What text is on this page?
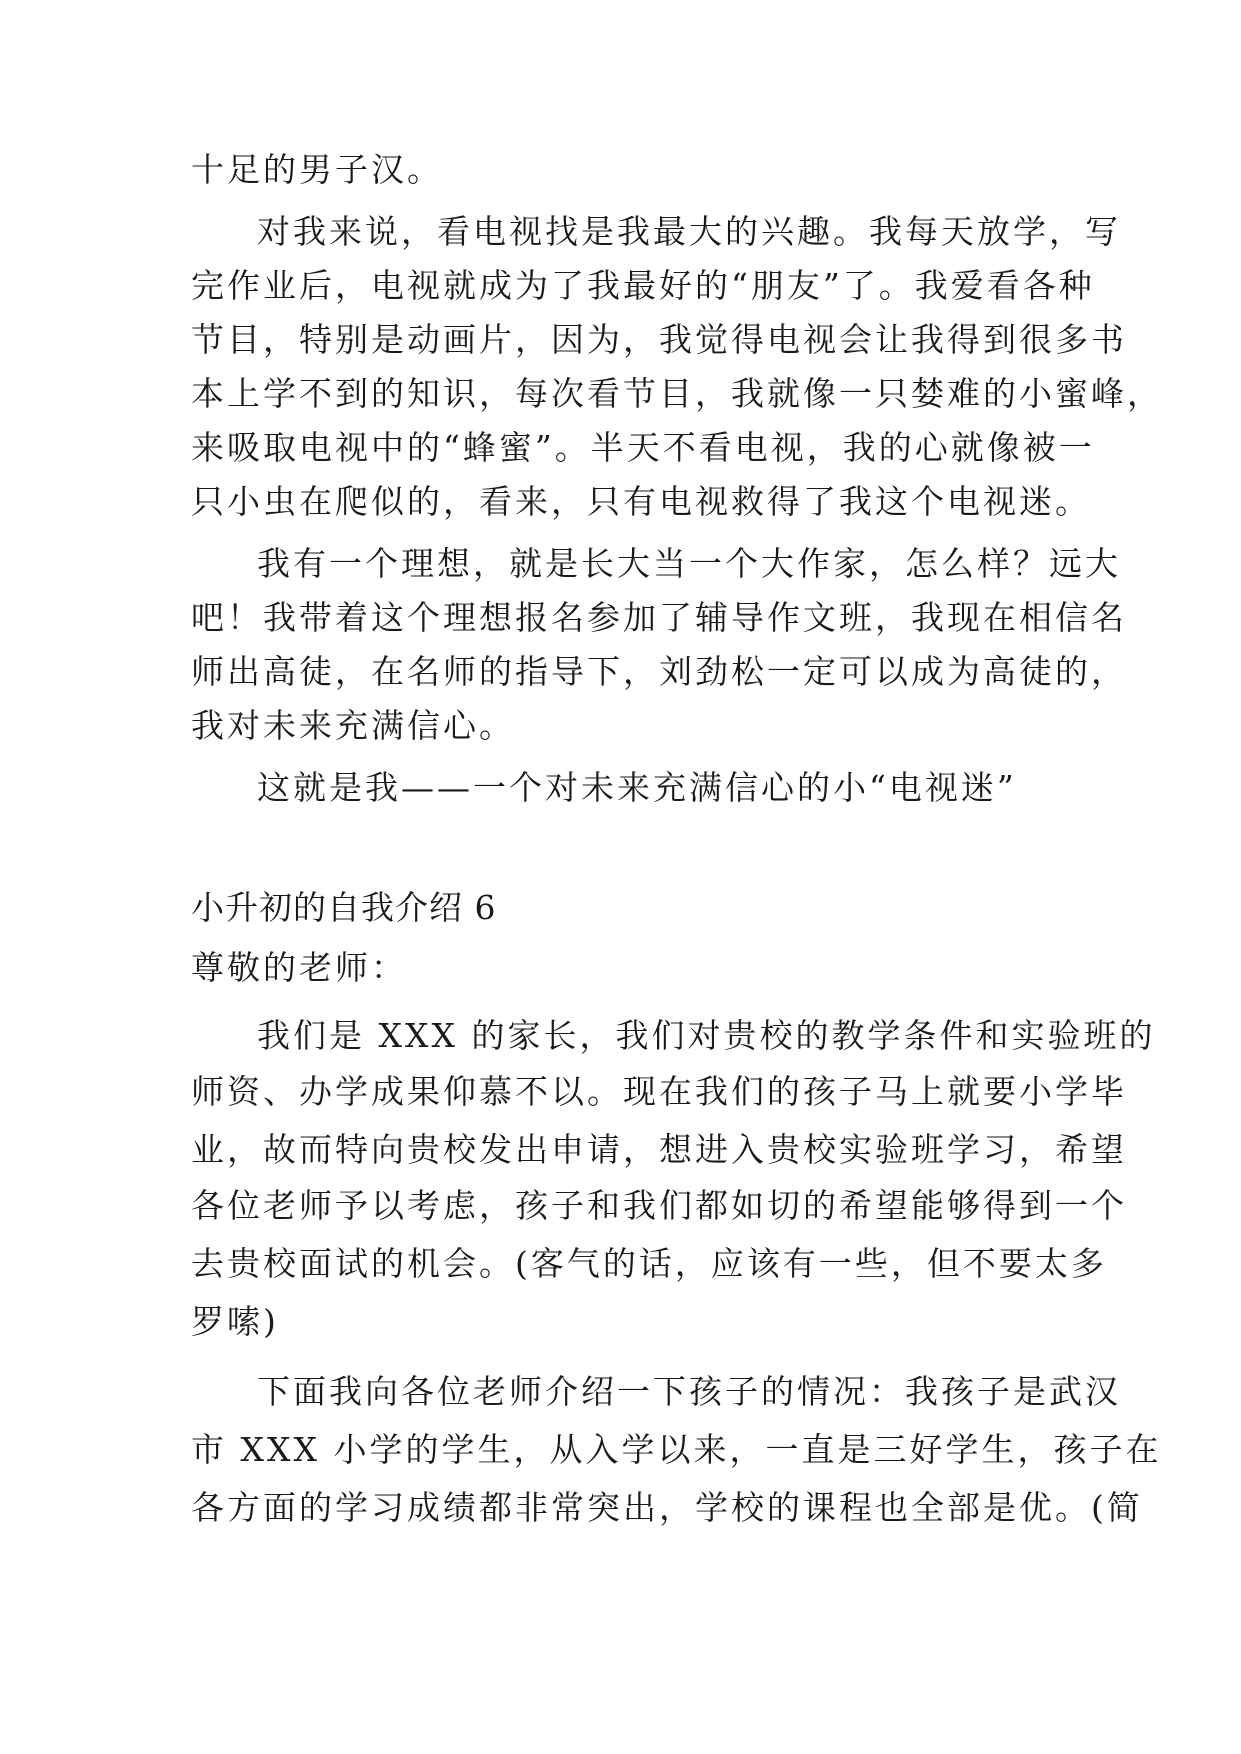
十足的男子汉。
对我来说，看电视找是我最大的兴趣。我每天放学，写
完作业后，电视就成为了我最好的“朋友”了。我爱看各种
节目，特别是动画片，因为，我觉得电视会让我得到很多书
本上学不到的知识，每次看节目，我就像一只婪难的小蜜峰，
来吸取电视中的“蜂蜜”。半天不看电视，我的心就像被一
只小虫在爬似的，看来，只有电视救得了我这个电视迷。
我有一个理想，就是长大当一个大作家，怎么样？远大
吧！我带着这个理想报名参加了辅导作文班，我现在相信名
师出高徒，在名师的指导下，刘劲松一定可以成为高徒的，
我对未来充满信心。
这就是我——一个对未来充满信心的小“电视迷”
小升初的自我介绍 6
尊敬的老师：
我们是 XXX 的家长，我们对贵校的教学条件和实验班的
师资、办学成果仰慕不以。现在我们的孩子马上就要小学毕
业，故而特向贵校发出申请，想进入贵校实验班学习，希望
各位老师予以考虑，孩子和我们都如切的希望能够得到一个
去贵校面试的机会。(客气的话，应该有一些，但不要太多
罗嗦)
下面我向各位老师介绍一下孩子的情况：我孩子是武汉
市 XXX 小学的学生，从入学以来，一直是三好学生，孩子在
各方面的学习成绩都非常突出，学校的课程也全部是优。(简
